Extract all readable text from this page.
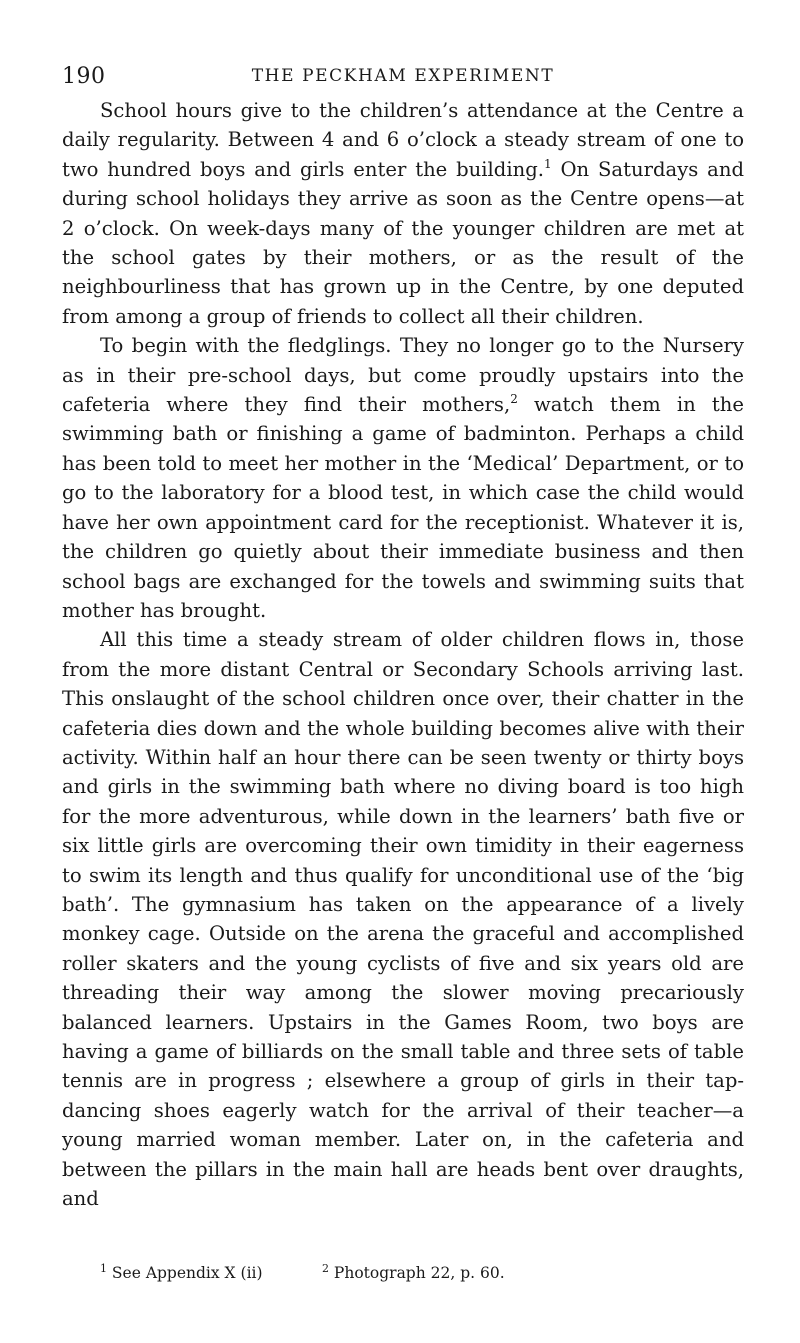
190	THE PECKHAM EXPERIMENT

School hours give to the children’s attendance at the Centre a daily regularity. Between 4 and 6 o’clock a steady stream of one to two hundred boys and girls enter the building.$^1$ On Saturdays and during school holidays they arrive as soon as the Centre opens—at 2 o’clock. On week-days many of the younger children are met at the school gates by their mothers, or as the result of the neighbourliness that has grown up in the Centre, by one deputed from among a group of friends to collect all their children.

To begin with the fledglings. They no longer go to the Nursery as in their pre-school days, but come proudly upstairs into the cafeteria where they find their mothers,$^2$ watch them in the swimming bath or finishing a game of badminton. Perhaps a child has been told to meet her mother in the ‘Medical’ Department, or to go to the laboratory for a blood test, in which case the child would have her own appointment card for the receptionist. Whatever it is, the children go quietly about their immediate business and then school bags are exchanged for the towels and swimming suits that mother has brought.

All this time a steady stream of older children flows in, those from the more distant Central or Secondary Schools arriving last. This onslaught of the school children once over, their chatter in the cafeteria dies down and the whole building becomes alive with their activity. Within half an hour there can be seen twenty or thirty boys and girls in the swimming bath where no diving board is too high for the more adventurous, while down in the learners’ bath five or six little girls are overcoming their own timidity in their eagerness to swim its length and thus qualify for unconditional use of the ‘big bath’. The gymnasium has taken on the appearance of a lively monkey cage. Outside on the arena the graceful and accomplished roller skaters and the young cyclists of five and six years old are threading their way among the slower moving precariously balanced learners. Upstairs in the Games Room, two boys are having a game of billiards on the small table and three sets of table tennis are in progress ; elsewhere a group of girls in their tap-dancing shoes eagerly watch for the arrival of their teacher—a young married woman member. Later on, in the cafeteria and between the pillars in the main hall are heads bent over draughts, and

$^1$ See Appendix X (ii)	$^2$ Photograph 22, p. 60.
